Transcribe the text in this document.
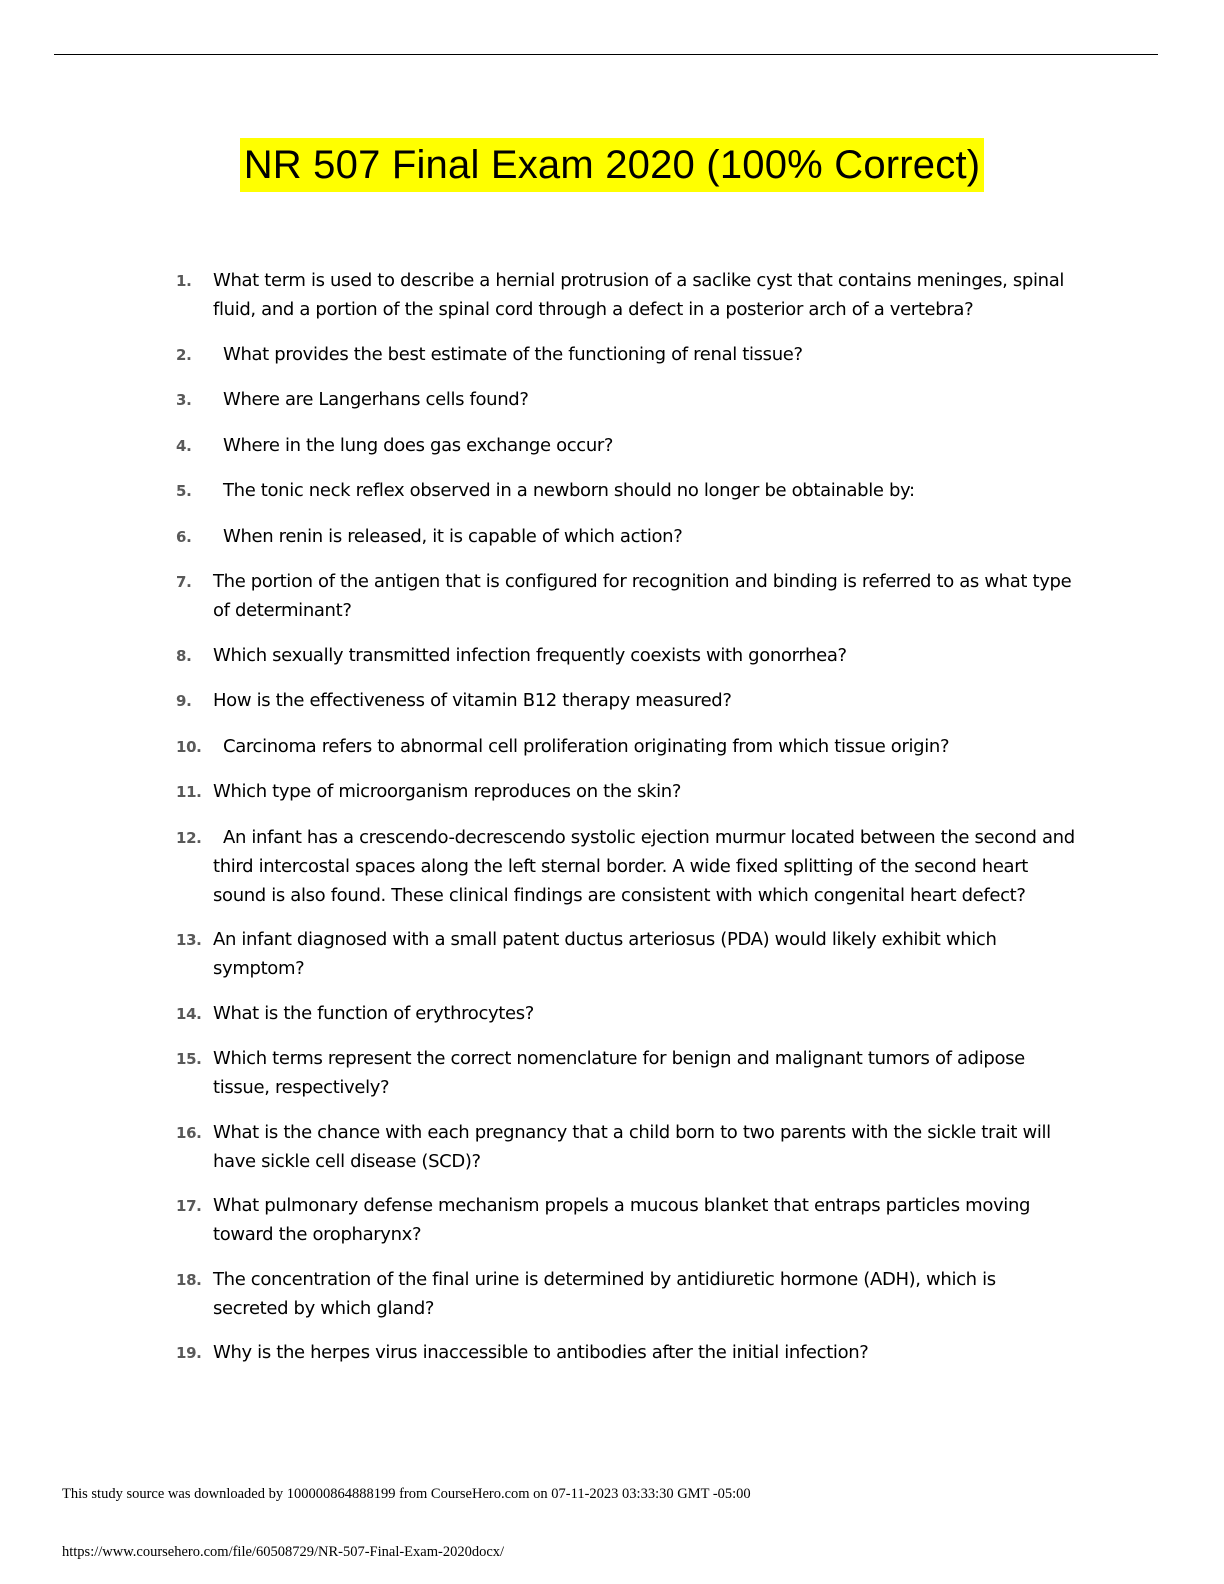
NR 507 Final Exam 2020 (100% Correct)
1.	What term is used to describe a hernial protrusion of a saclike cyst that contains meninges, spinal fluid, and a portion of the spinal cord through a defect in a posterior arch of a vertebra?
2.	What provides the best estimate of the functioning of renal tissue?
3.	Where are Langerhans cells found?
4.	Where in the lung does gas exchange occur?
5.	The tonic neck reflex observed in a newborn should no longer be obtainable by:
6.	When renin is released, it is capable of which action?
7.	The portion of the antigen that is configured for recognition and binding is referred to as what type of determinant?
8.	Which sexually transmitted infection frequently coexists with gonorrhea?
9.	How is the effectiveness of vitamin B12 therapy measured?
10.	Carcinoma refers to abnormal cell proliferation originating from which tissue origin?
11. Which type of microorganism reproduces on the skin?
12.	An infant has a crescendo-decrescendo systolic ejection murmur located between the second and third intercostal spaces along the left sternal border. A wide fixed splitting of the second heart sound is also found. These clinical findings are consistent with which congenital heart defect?
13. An infant diagnosed with a small patent ductus arteriosus (PDA) would likely exhibit which symptom?
14. What is the function of erythrocytes?
15. Which terms represent the correct nomenclature for benign and malignant tumors of adipose tissue, respectively?
16. What is the chance with each pregnancy that a child born to two parents with the sickle trait will have sickle cell disease (SCD)?
17. What pulmonary defense mechanism propels a mucous blanket that entraps particles moving toward the oropharynx?
18. The concentration of the final urine is determined by antidiuretic hormone (ADH), which is secreted by which gland?
19. Why is the herpes virus inaccessible to antibodies after the initial infection?
This study source was downloaded by 100000864888199 from CourseHero.com on 07-11-2023 03:33:30 GMT -05:00
https://www.coursehero.com/file/60508729/NR-507-Final-Exam-2020docx/
